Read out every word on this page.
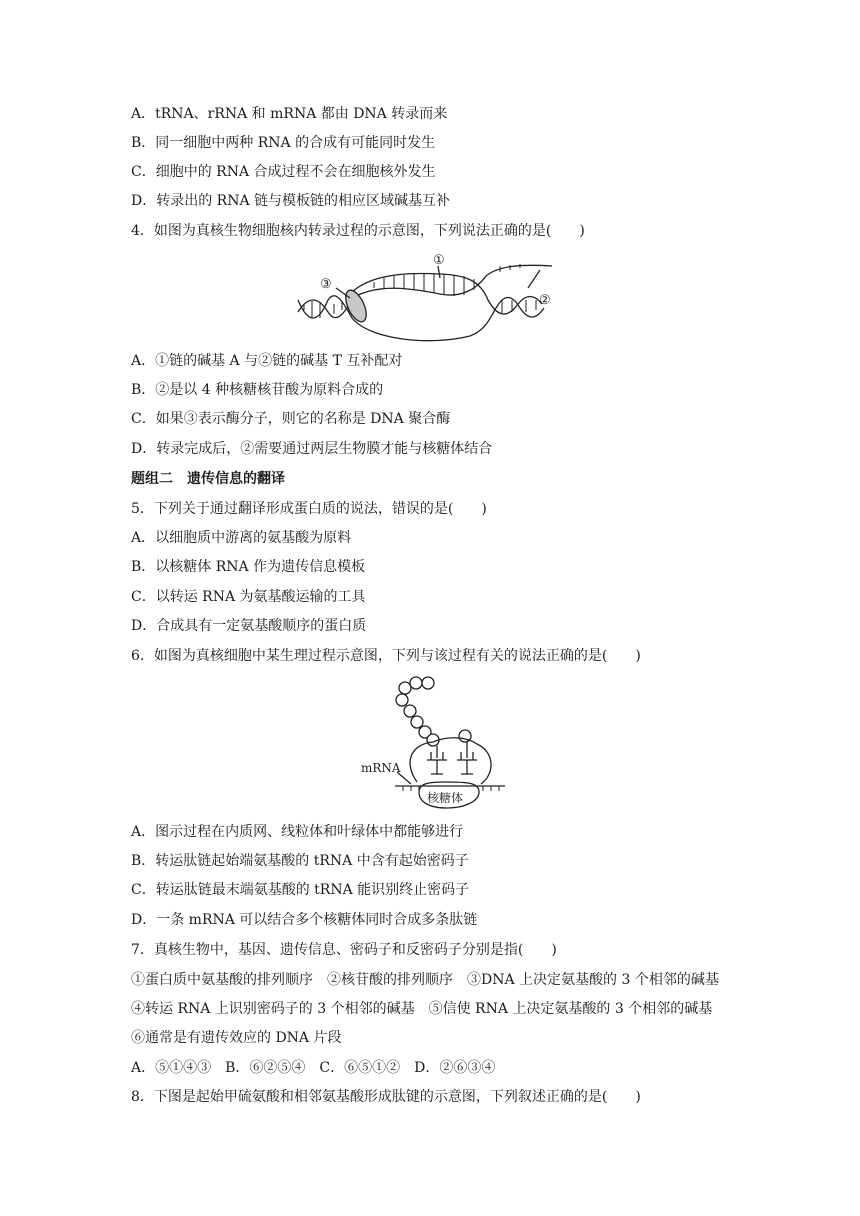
A．tRNA、rRNA 和 mRNA 都由 DNA 转录而来
B．同一细胞中两种 RNA 的合成有可能同时发生
C．细胞中的 RNA 合成过程不会在细胞核外发生
D．转录出的 RNA 链与模板链的相应区域碱基互补
4．如图为真核生物细胞核内转录过程的示意图，下列说法正确的是(　　)
①
②
③
A．①链的碱基 A 与②链的碱基 T 互补配对
B．②是以 4 种核糖核苷酸为原料合成的
C．如果③表示酶分子，则它的名称是 DNA 聚合酶
D．转录完成后，②需要通过两层生物膜才能与核糖体结合
题组二　遗传信息的翻译
5．下列关于通过翻译形成蛋白质的说法，错误的是(　　)
A．以细胞质中游离的氨基酸为原料
B．以核糖体 RNA 作为遗传信息模板
C．以转运 RNA 为氨基酸运输的工具
D．合成具有一定氨基酸顺序的蛋白质
6．如图为真核细胞中某生理过程示意图，下列与该过程有关的说法正确的是(　　)
mRNA
核糖体
A．图示过程在内质网、线粒体和叶绿体中都能够进行
B．转运肽链起始端氨基酸的 tRNA 中含有起始密码子
C．转运肽链最末端氨基酸的 tRNA 能识别终止密码子
D．一条 mRNA 可以结合多个核糖体同时合成多条肽链
7．真核生物中，基因、遗传信息、密码子和反密码子分别是指(　　)
①蛋白质中氨基酸的排列顺序　②核苷酸的排列顺序　③DNA 上决定氨基酸的 3 个相邻的碱基　④转运 RNA 上识别密码子的 3 个相邻的碱基　⑤信使 RNA 上决定氨基酸的 3 个相邻的碱基　⑥通常是有遗传效应的 DNA 片段
A．⑤①④③　B．⑥②⑤④　C．⑥⑤①②　D．②⑥③④
8．下图是起始甲硫氨酸和相邻氨基酸形成肽键的示意图，下列叙述正确的是(　　)
